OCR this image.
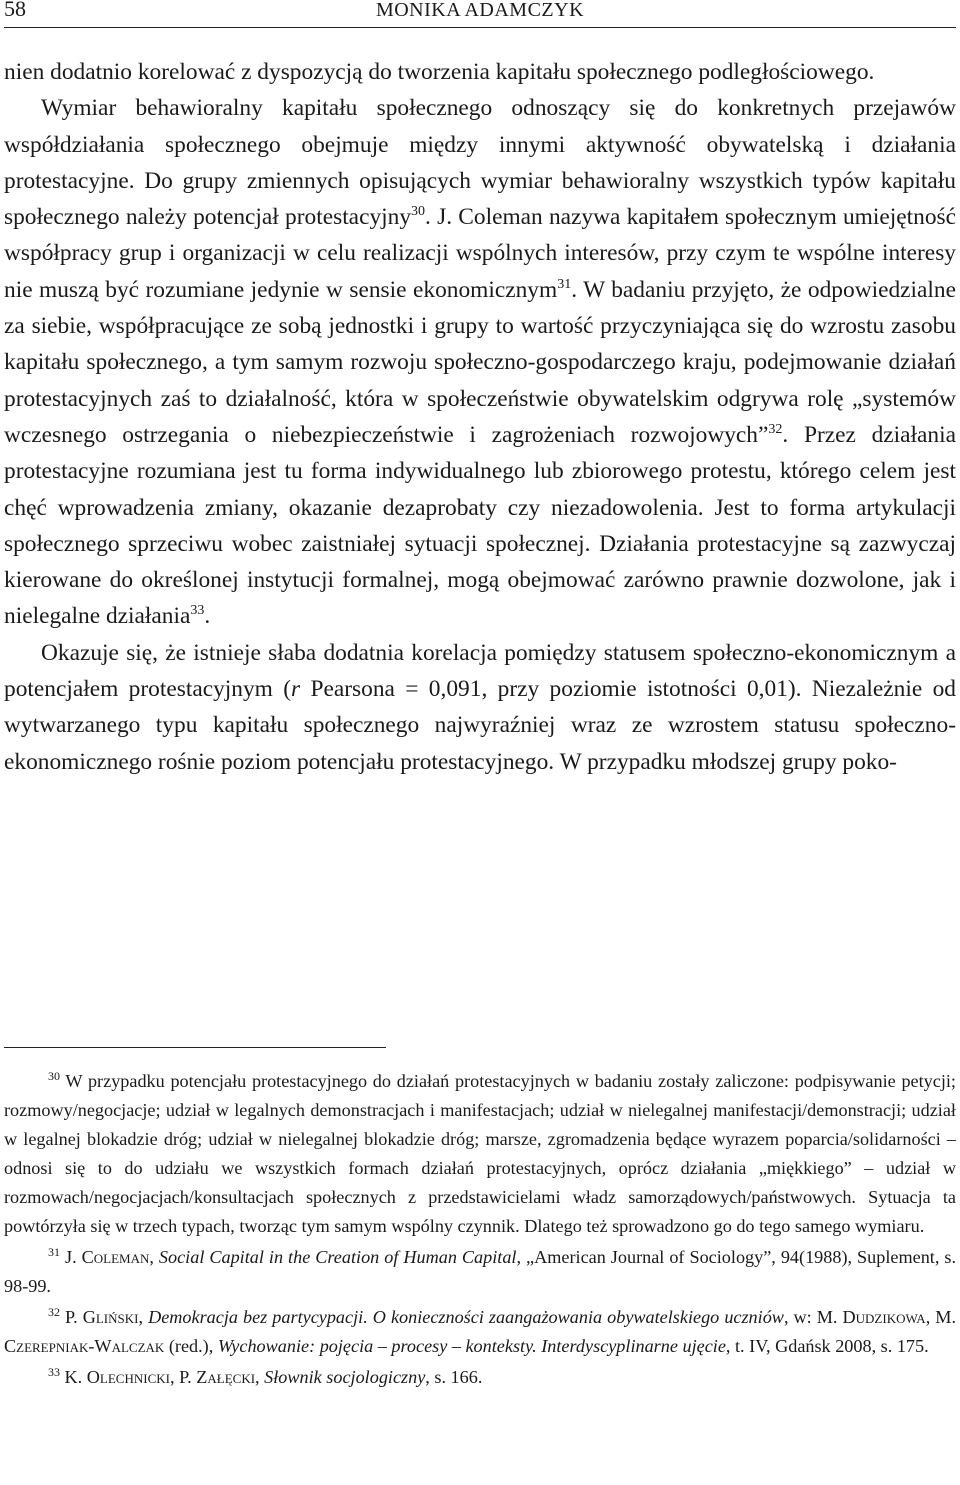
58	MONIKA ADAMCZYK

nien dodatnio korelować z dyspozycją do tworzenia kapitału społecznego podległościowego.

Wymiar behawioralny kapitału społecznego odnoszący się do konkretnych przejawów współdziałania społecznego obejmuje między innymi aktywność obywatelską i działania protestacyjne. Do grupy zmiennych opisujących wymiar behawioralny wszystkich typów kapitału społecznego należy potencjał protestacyjny$^{30}$. J. Coleman nazywa kapitałem społecznym umiejętność współpracy grup i organizacji w celu realizacji wspólnych interesów, przy czym te wspólne interesy nie muszą być rozumiane jedynie w sensie ekonomicznym$^{31}$. W badaniu przyjęto, że odpowiedzialne za siebie, współpracujące ze sobą jednostki i grupy to wartość przyczyniająca się do wzrostu zasobu kapitału społecznego, a tym samym rozwoju społeczno-gospodarczego kraju, podejmowanie działań protestacyjnych zaś to działalność, która w społeczeństwie obywatelskim odgrywa rolę „systemów wczesnego ostrzegania o niebezpieczeństwie i zagrożeniach rozwojowych”$^{32}$. Przez działania protestacyjne rozumiana jest tu forma indywidualnego lub zbiorowego protestu, którego celem jest chęć wprowadzenia zmiany, okazanie dezaprobaty czy niezadowolenia. Jest to forma artykulacji społecznego sprzeciwu wobec zaistniałej sytuacji społecznej. Działania protestacyjne są zazwyczaj kierowane do określonej instytucji formalnej, mogą obejmować zarówno prawnie dozwolone, jak i nielegalne działania$^{33}$.

Okazuje się, że istnieje słaba dodatnia korelacja pomiędzy statusem społeczno-ekonomicznym a potencjałem protestacyjnym (r Pearsona = 0,091, przy poziomie istotności 0,01). Niezależnie od wytwarzanego typu kapitału społecznego najwyraźniej wraz ze wzrostem statusu społeczno-ekonomicznego rośnie poziom potencjału protestacyjnego. W przypadku młodszej grupy poko-

$^{30}$ W przypadku potencjału protestacyjnego do działań protestacyjnych w badaniu zostały zaliczone: podpisywanie petycji; rozmowy/negocjacje; udział w legalnych demonstracjach i manifestacjach; udział w nielegalnej manifestacji/demonstracji; udział w legalnej blokadzie dróg; udział w nielegalnej blokadzie dróg; marsze, zgromadzenia będące wyrazem poparcia/solidarności – odnosi się to do udziału we wszystkich formach działań protestacyjnych, oprócz działania „miękkiego” – udział w rozmowach/negocjacjach/konsultacjach społecznych z przedstawicielami władz samorządowych/państwowych. Sytuacja ta powtórzyła się w trzech typach, tworząc tym samym wspólny czynnik. Dlatego też sprowadzono go do tego samego wymiaru.

$^{31}$ J. Coleman, Social Capital in the Creation of Human Capital, „American Journal of Sociology”, 94(1988), Suplement, s. 98-99.

$^{32}$ P. Gliński, Demokracja bez partycypacji. O konieczności zaangażowania obywatelskiego uczniów, w: M. Dudzikowa, M. Czerepniak-Walczak (red.), Wychowanie: pojęcia – procesy – konteksty. Interdyscyplinarne ujęcie, t. IV, Gdańsk 2008, s. 175.

$^{33}$ K. Olechnicki, P. Załęcki, Słownik socjologiczny, s. 166.
